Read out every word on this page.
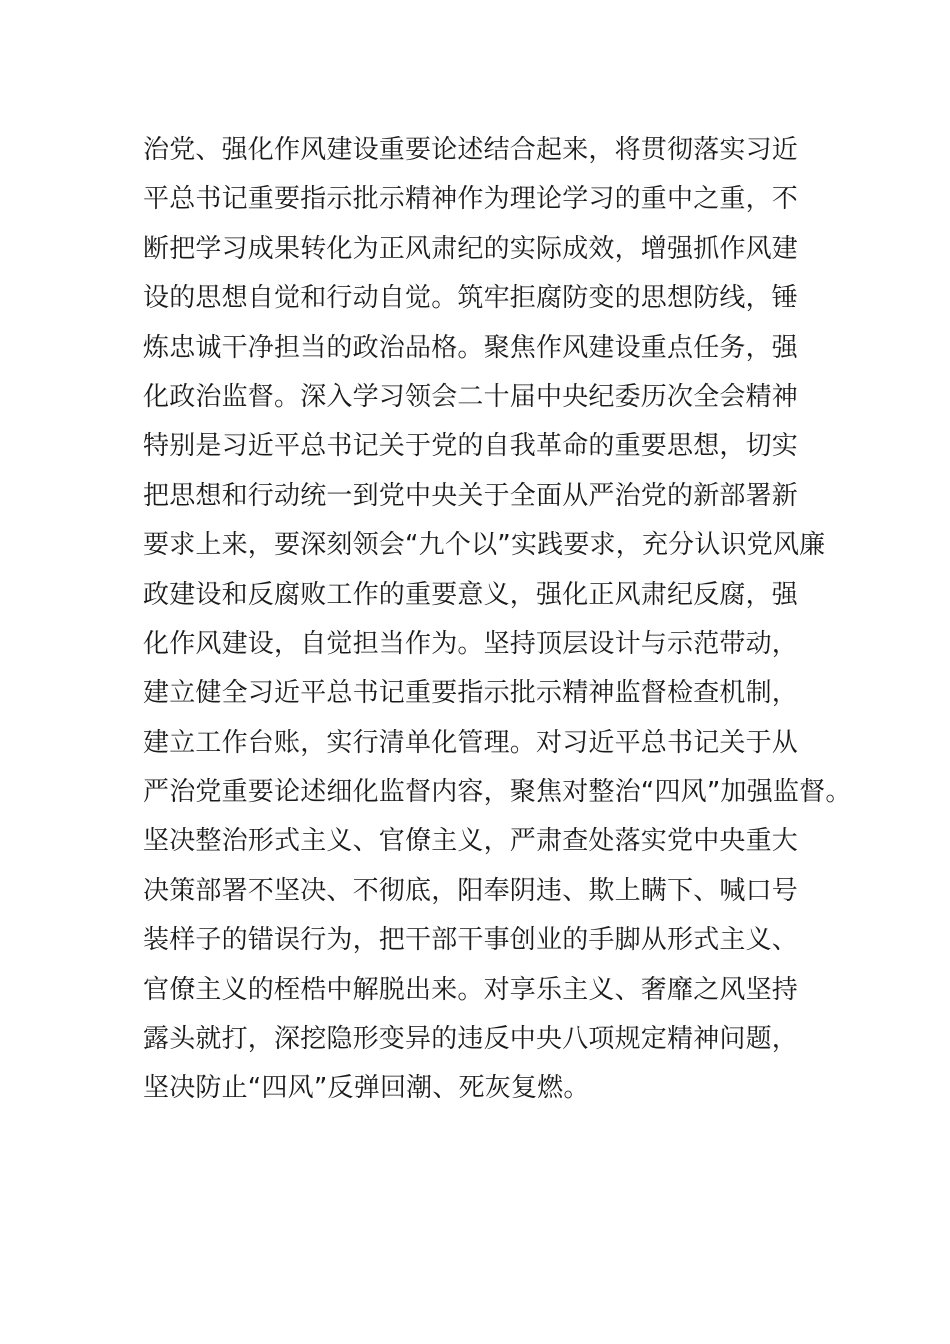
治党、强化作风建设重要论述结合起来，将贯彻落实习近
平总书记重要指示批示精神作为理论学习的重中之重，不
断把学习成果转化为正风肃纪的实际成效，增强抓作风建
设的思想自觉和行动自觉。筑牢拒腐防变的思想防线，锤
炼忠诚干净担当的政治品格。聚焦作风建设重点任务，强
化政治监督。深入学习领会二十届中央纪委历次全会精神
特别是习近平总书记关于党的自我革命的重要思想，切实
把思想和行动统一到党中央关于全面从严治党的新部署新
要求上来，要深刻领会“九个以”实践要求，充分认识党风廉
政建设和反腐败工作的重要意义，强化正风肃纪反腐，强
化作风建设，自觉担当作为。坚持顶层设计与示范带动，
建立健全习近平总书记重要指示批示精神监督检查机制，
建立工作台账，实行清单化管理。对习近平总书记关于从
严治党重要论述细化监督内容，聚焦对整治“四风”加强监督。
坚决整治形式主义、官僚主义，严肃查处落实党中央重大
决策部署不坚决、不彻底，阳奉阴违、欺上瞒下、喊口号
装样子的错误行为，把干部干事创业的手脚从形式主义、
官僚主义的桎梏中解脱出来。对享乐主义、奢靡之风坚持
露头就打，深挖隐形变异的违反中央八项规定精神问题，
坚决防止“四风”反弹回潮、死灰复燃。
